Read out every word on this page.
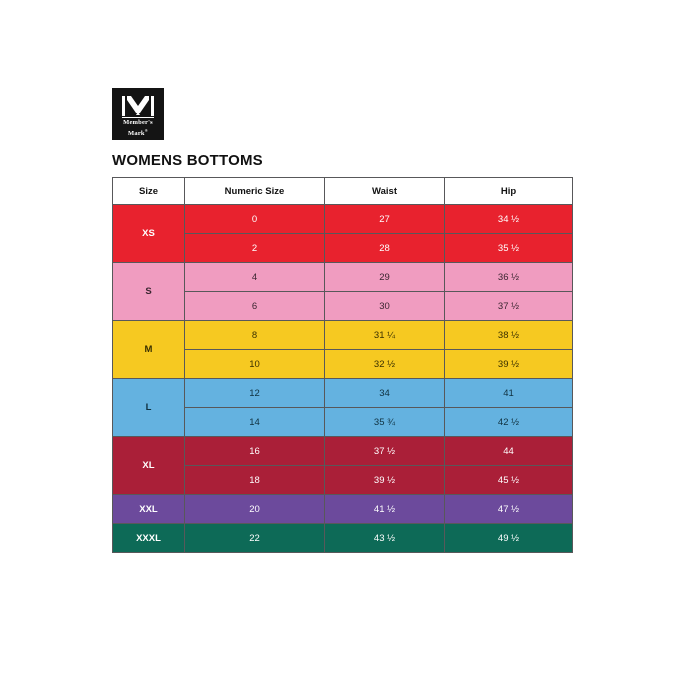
Member's
Mark®
WOMENS BOTTOMS
Size	Numeric Size	Waist	Hip
XS	0	27	34 ½
	2	28	35 ½
S	4	29	36 ½
	6	30	37 ½
M	8	31 ¼	38 ½
	10	32 ½	39 ½
L	12	34	41
	14	35 ¾	42 ½
XL	16	37 ½	44
	18	39 ½	45 ½
XXL	20	41 ½	47 ½
XXXL	22	43 ½	49 ½
